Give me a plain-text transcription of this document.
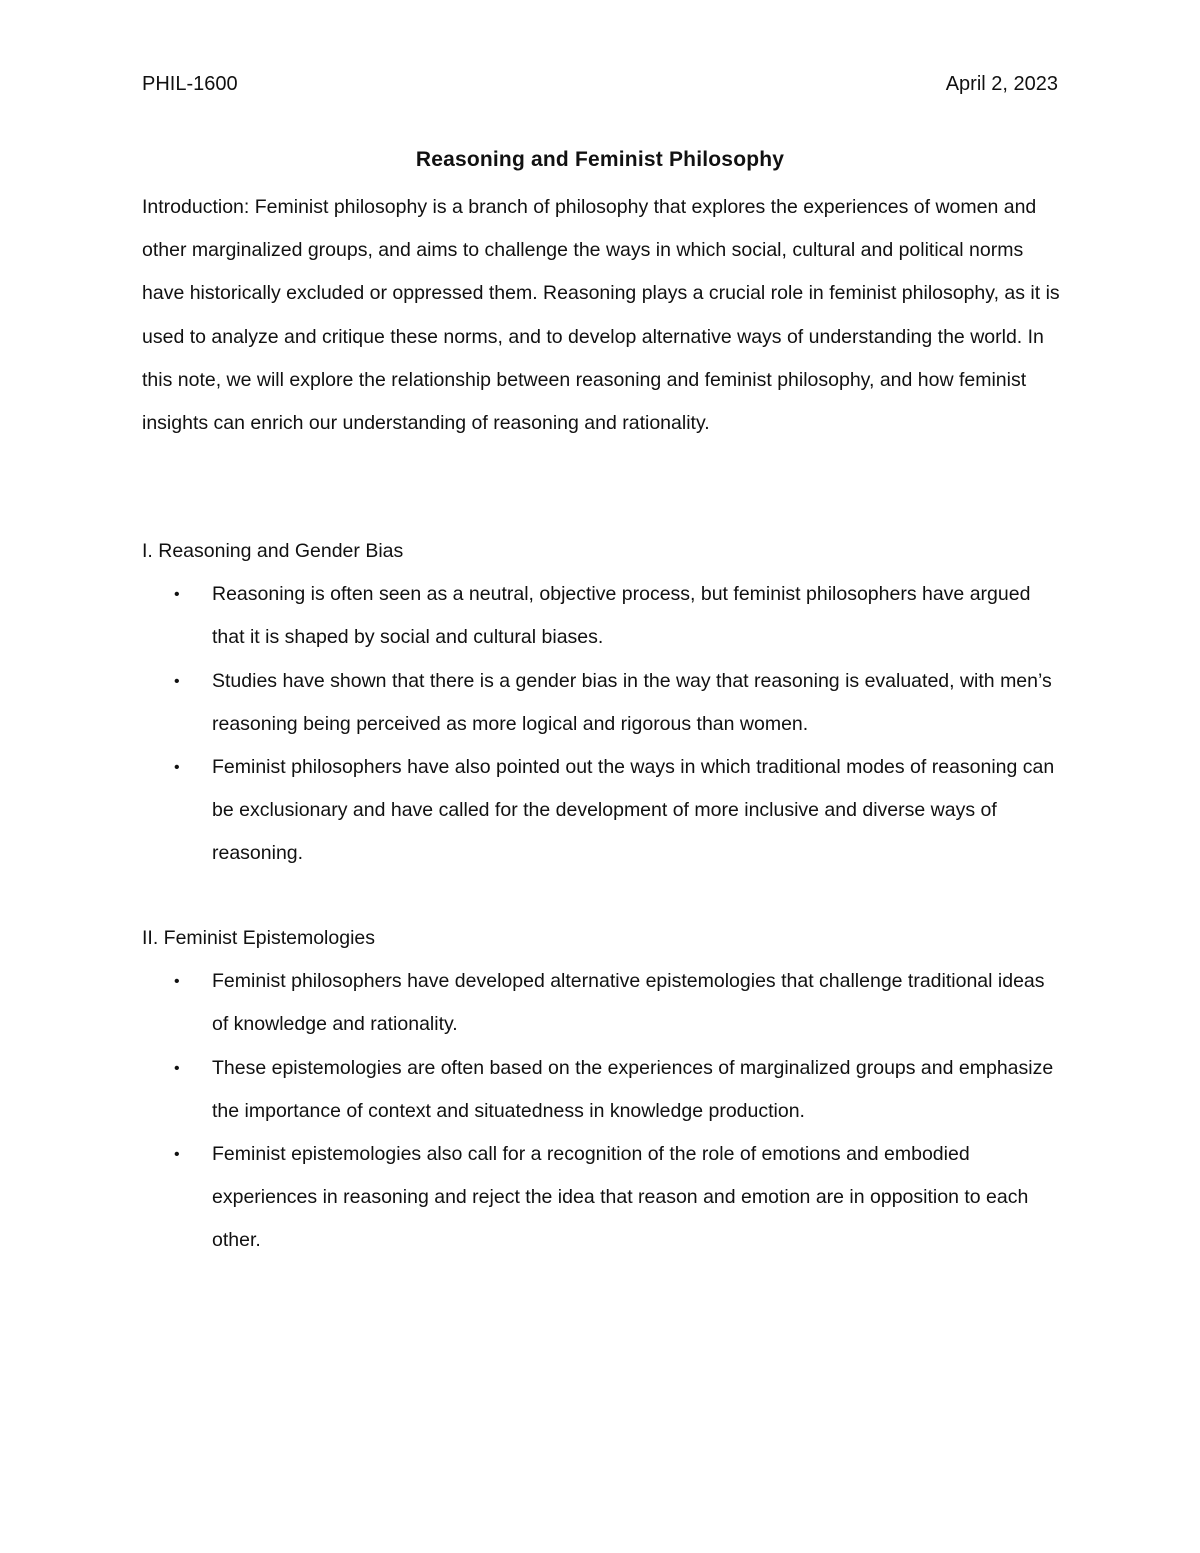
PHIL-1600	April 2, 2023
Reasoning and Feminist Philosophy

Introduction: Feminist philosophy is a branch of philosophy that explores the experiences of women and other marginalized groups, and aims to challenge the ways in which social, cultural and political norms have historically excluded or oppressed them. Reasoning plays a crucial role in feminist philosophy, as it is used to analyze and critique these norms, and to develop alternative ways of understanding the world. In this note, we will explore the relationship between reasoning and feminist philosophy, and how feminist insights can enrich our understanding of reasoning and rationality.

I. Reasoning and Gender Bias

• Reasoning is often seen as a neutral, objective process, but feminist philosophers have argued that it is shaped by social and cultural biases.
• Studies have shown that there is a gender bias in the way that reasoning is evaluated, with men’s reasoning being perceived as more logical and rigorous than women.
• Feminist philosophers have also pointed out the ways in which traditional modes of reasoning can be exclusionary and have called for the development of more inclusive and diverse ways of reasoning.

II. Feminist Epistemologies

• Feminist philosophers have developed alternative epistemologies that challenge traditional ideas of knowledge and rationality.
• These epistemologies are often based on the experiences of marginalized groups and emphasize the importance of context and situatedness in knowledge production.
• Feminist epistemologies also call for a recognition of the role of emotions and embodied experiences in reasoning and reject the idea that reason and emotion are in opposition to each other.
